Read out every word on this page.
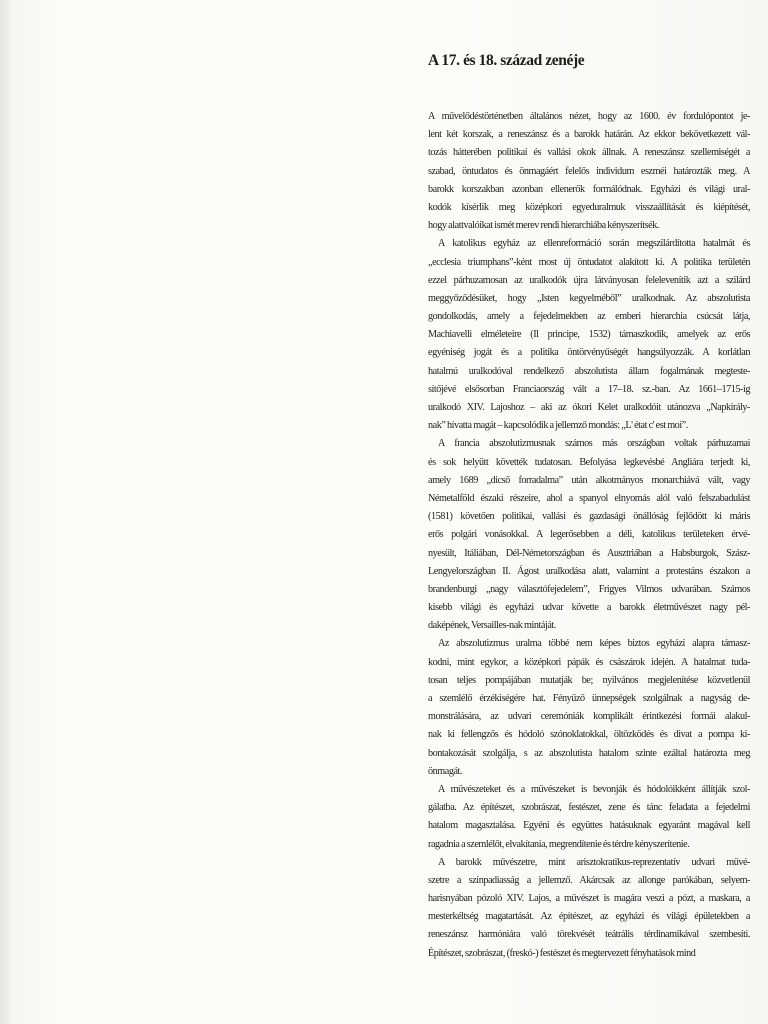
A 17. és 18. század zenéje
A művelődéstörténetben általános nézet, hogy az 1600. év fordulópontot je-
lent két korszak, a reneszánsz és a barokk határán. Az ekkor bekövetkezett vál-
tozás hátterében politikai és vallási okok állnak. A reneszánsz szellemiségét a
szabad, öntudatos és önmagáért felelős individum eszméi határozták meg. A
barokk korszakban azonban ellenerők formálódnak. Egyházi és világi ural-
kodók kísérlik meg középkori egyeduralmuk visszaállítását és kiépítését,
hogy alattvalóikat ismét merev rendi hierarchiába kényszerítsék.
A katolikus egyház az ellenreformáció során megszilárdította hatalmát és
„ecclesia triumphans”-ként most új öntudatot alakított ki. A politika területén
ezzel párhuzamosan az uralkodók újra látványosan felelevenítik azt a szilárd
meggyőződésüket, hogy „Isten kegyelméből” uralkodnak. Az abszolutista
gondolkodás, amely a fejedelmekben az emberi hierarchia csúcsát látja,
Machiavelli elméleteire (Il principe, 1532) támaszkodik, amelyek az erős
egyéniség jogát és a politika öntörvényűségét hangsúlyozzák. A korlátlan
hatalmú uralkodóval rendelkező abszolutista állam fogalmának megteste-
sítőjévé elsősorban Franciaország vált a 17–18. sz.-ban. Az 1661–1715-ig
uralkodó XIV. Lajoshoz – aki az ókori Kelet uralkodóit utánozva „Napkirály-
nak” hívatta magát – kapcsolódik a jellemző mondás: „L' état c' est moi”.
A francia abszolutizmusnak számos más országban voltak párhuzamai
és sok helyütt követték tudatosan. Befolyása legkevésbé Angliára terjedt ki,
amely 1689 „dicső forradalma” után alkotmányos monarchiává vált, vagy
Németalföld északi részeire, ahol a spanyol elnyomás alól való felszabadulást
(1581) követően politikai, vallási és gazdasági önállóság fejlődött ki máris
erős polgári vonásokkal. A legerősebben a déli, katolikus területeken érvé-
nyesült, Itáliában, Dél-Németországban és Ausztriában a Habsburgok, Szász-
Lengyelországban II. Ágost uralkodása alatt, valamint a protestáns északon a
brandenburgi „nagy választófejedelem”, Frigyes Vilmos udvarában. Számos
kisebb világi és egyházi udvar követte a barokk életművészet nagy pél-
daképének, Versailles-nak mintáját.
Az abszolutizmus uralma többé nem képes biztos egyházi alapra támasz-
kodni, mint egykor, a középkori pápák és császárok idején. A hatalmat tuda-
tosan teljes pompájában mutatják be; nyilvános megjelenítése közvetlenül
a szemlélő érzékiségére hat. Fényűző ünnepségek szolgálnak a nagyság de-
monstrálására, az udvari ceremóniák komplikált érintkezési formái alakul-
nak ki fellengzős és hódoló szónoklatokkal, öltözködés és divat a pompa ki-
bontakozását szolgálja, s az abszolutista hatalom szinte ezáltal határozta meg
önmagát.
A művészeteket és a művészeket is bevonják és hódolóikként állítják szol-
gálatba. Az építészet, szobrászat, festészet, zene és tánc feladata a fejedelmi
hatalom magasztalása. Egyéni és együttes hatásuknak egyaránt magával kell
ragadnia a szemlélőt, elvakítania, megrendítenie és térdre kényszerítenie.
A barokk művészetre, mint arisztokratikus-reprezentatív udvari művé-
szetre a színpadiasság a jellemző. Akárcsak az allonge parókában, selyem-
harisnyában pózoló XIV. Lajos, a művészet is magára veszi a pózt, a maskara, a
mesterkéltség magatartását. Az építészet, az egyházi és világi épületekben a
reneszánsz harmóniára való törekvését teátrális térdinamikával szembesíti.
Építészet, szobrászat, (freskó-) festészet és megtervezett fényhatások mind
